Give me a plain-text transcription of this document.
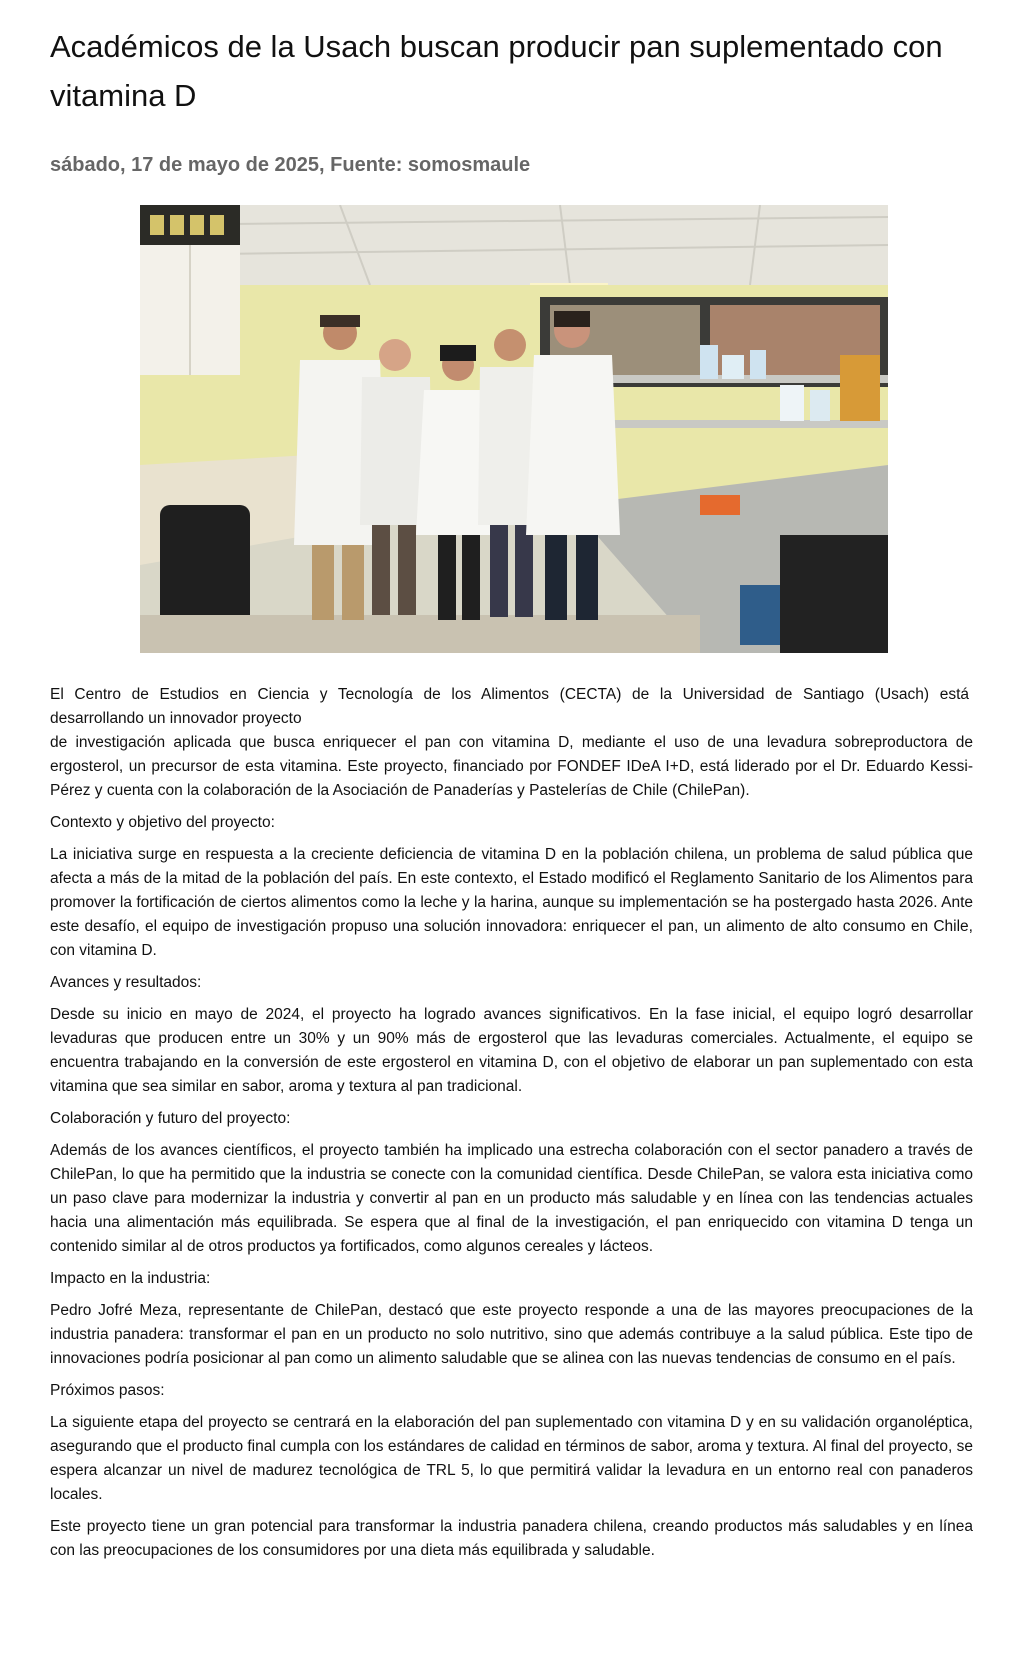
Académicos de la Usach buscan producir pan suplementado con vitamina D
sábado, 17 de mayo de 2025, Fuente: somosmaule

El Centro de Estudios en Ciencia y Tecnología de los Alimentos (CECTA) de la Universidad de Santiago (Usach) está
desarrollando un innovador proyecto
de investigación aplicada que busca enriquecer el pan con vitamina D, mediante el uso de una levadura sobreproductora de ergosterol, un precursor de esta vitamina. Este proyecto, financiado por FONDEF IDeA I+D, está liderado por el Dr. Eduardo Kessi-Pérez y cuenta con la colaboración de la Asociación de Panaderías y Pastelerías de Chile (ChilePan).

Contexto y objetivo del proyecto:

La iniciativa surge en respuesta a la creciente deficiencia de vitamina D en la población chilena, un problema de salud pública que afecta a más de la mitad de la población del país. En este contexto, el Estado modificó el Reglamento Sanitario de los Alimentos para promover la fortificación de ciertos alimentos como la leche y la harina, aunque su implementación se ha postergado hasta 2026. Ante este desafío, el equipo de investigación propuso una solución innovadora: enriquecer el pan, un alimento de alto consumo en Chile, con vitamina D.

Avances y resultados:

Desde su inicio en mayo de 2024, el proyecto ha logrado avances significativos. En la fase inicial, el equipo logró desarrollar levaduras que producen entre un 30% y un 90% más de ergosterol que las levaduras comerciales. Actualmente, el equipo se encuentra trabajando en la conversión de este ergosterol en vitamina D, con el objetivo de elaborar un pan suplementado con esta vitamina que sea similar en sabor, aroma y textura al pan tradicional.

Colaboración y futuro del proyecto:

Además de los avances científicos, el proyecto también ha implicado una estrecha colaboración con el sector panadero a través de ChilePan, lo que ha permitido que la industria se conecte con la comunidad científica. Desde ChilePan, se valora esta iniciativa como un paso clave para modernizar la industria y convertir al pan en un producto más saludable y en línea con las tendencias actuales hacia una alimentación más equilibrada. Se espera que al final de la investigación, el pan enriquecido con vitamina D tenga un contenido similar al de otros productos ya fortificados, como algunos cereales y lácteos.

Impacto en la industria:

Pedro Jofré Meza, representante de ChilePan, destacó que este proyecto responde a una de las mayores preocupaciones de la industria panadera: transformar el pan en un producto no solo nutritivo, sino que además contribuye a la salud pública. Este tipo de innovaciones podría posicionar al pan como un alimento saludable que se alinea con las nuevas tendencias de consumo en el país.

Próximos pasos:

La siguiente etapa del proyecto se centrará en la elaboración del pan suplementado con vitamina D y en su validación organoléptica, asegurando que el producto final cumpla con los estándares de calidad en términos de sabor, aroma y textura. Al final del proyecto, se espera alcanzar un nivel de madurez tecnológica de TRL 5, lo que permitirá validar la levadura en un entorno real con panaderos locales.

Este proyecto tiene un gran potencial para transformar la industria panadera chilena, creando productos más saludables y en línea con las preocupaciones de los consumidores por una dieta más equilibrada y saludable.
